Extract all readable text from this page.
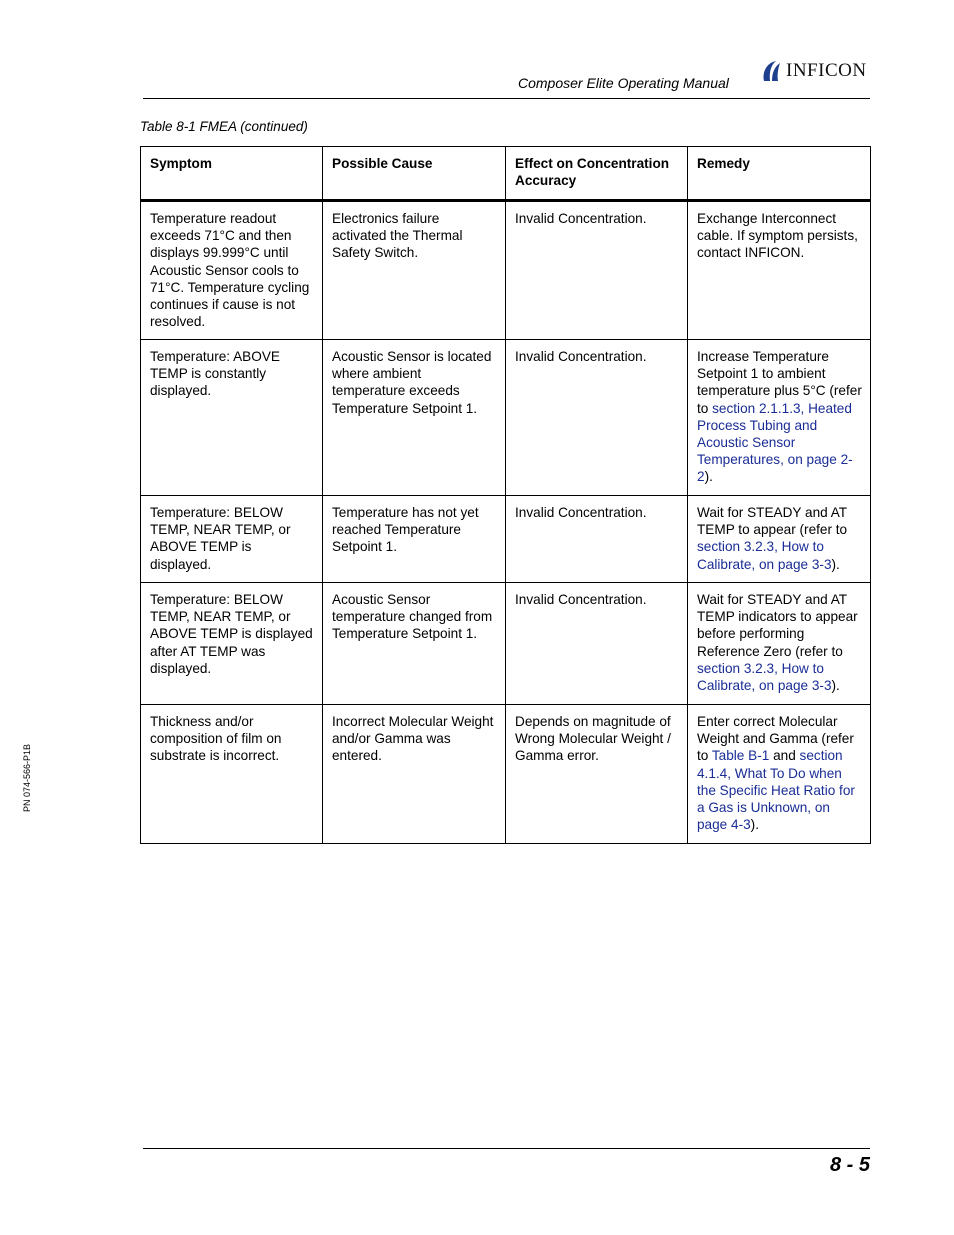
Composer Elite Operating Manual
INFICON
Table 8-1 FMEA (continued)
Symptom	Possible Cause	Effect on Concentration Accuracy	Remedy
Temperature readout exceeds 71°C and then displays 99.999°C until Acoustic Sensor cools to 71°C. Temperature cycling continues if cause is not resolved.	Electronics failure activated the Thermal Safety Switch.	Invalid Concentration.	Exchange Interconnect cable. If symptom persists, contact INFICON.
Temperature: ABOVE TEMP is constantly displayed.	Acoustic Sensor is located where ambient temperature exceeds Temperature Setpoint 1.	Invalid Concentration.	Increase Temperature Setpoint 1 to ambient temperature plus 5°C (refer to section 2.1.1.3, Heated Process Tubing and Acoustic Sensor Temperatures, on page 2-2).
Temperature: BELOW TEMP, NEAR TEMP, or ABOVE TEMP is displayed.	Temperature has not yet reached Temperature Setpoint 1.	Invalid Concentration.	Wait for STEADY and AT TEMP to appear (refer to section 3.2.3, How to Calibrate, on page 3-3).
Temperature: BELOW TEMP, NEAR TEMP, or ABOVE TEMP is displayed after AT TEMP was displayed.	Acoustic Sensor temperature changed from Temperature Setpoint 1.	Invalid Concentration.	Wait for STEADY and AT TEMP indicators to appear before performing Reference Zero (refer to section 3.2.3, How to Calibrate, on page 3-3).
Thickness and/or composition of film on substrate is incorrect.	Incorrect Molecular Weight and/or Gamma was entered.	Depends on magnitude of Wrong Molecular Weight / Gamma error.	Enter correct Molecular Weight and Gamma (refer to Table B-1 and section 4.1.4, What To Do when the Specific Heat Ratio for a Gas is Unknown, on page 4-3).
PN 074-566-P1B
8 - 5
